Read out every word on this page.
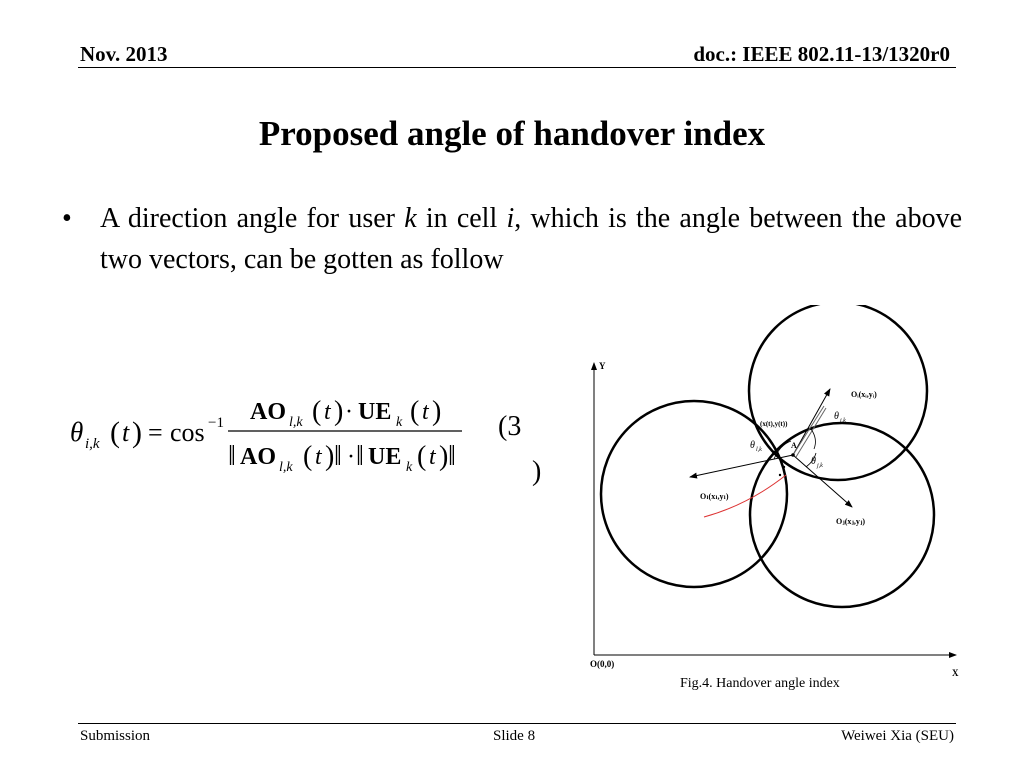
Nov. 2013	doc.: IEEE 802.11-13/1320r0
Proposed angle of handover index
•	A direction angle for user k in cell i, which is the angle between the above two vectors, can be gotten as follow
θ i,k ( t ) = cos −1 AO l,k ( t ) · UE k ( t )
‖ AO l,k ( t ) ‖ · ‖ UE k ( t ) ‖
(3
)
Y
X
O(0,0)
A
(x(t),y(t))
Oᵢ(xᵢ,yᵢ)
Oₗ(xₗ,yₗ)
Oⱼ(xⱼ,yⱼ)
θ i,k
θ l,k
θ j,k
Fig.4. Handover angle index
Submission	Slide 8	Weiwei Xia (SEU)
